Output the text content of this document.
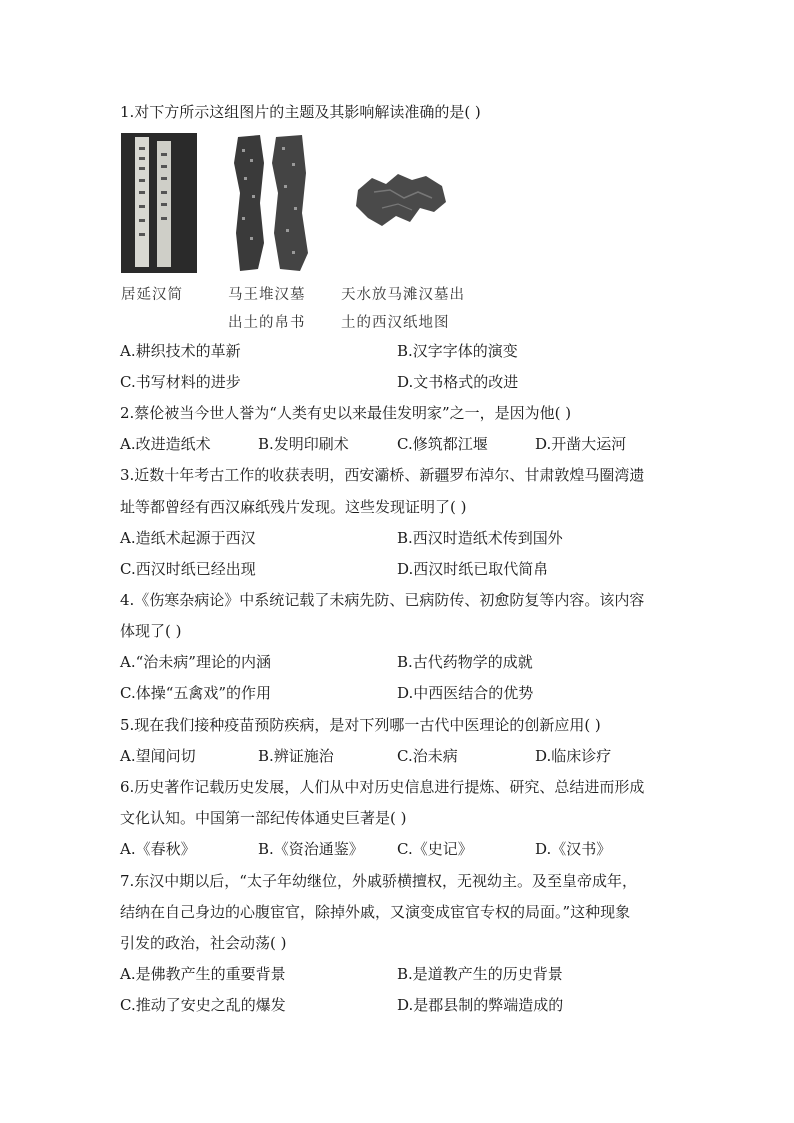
1.对下方所示这组图片的主题及其影响解读准确的是( )
居延汉简	马王堆汉墓
出土的帛书
天水放马滩汉墓出
土的西汉纸地图
A.耕织技术的革新	B.汉字字体的演变
C.书写材料的进步	D.文书格式的改进
2.蔡伦被当今世人誉为“人类有史以来最佳发明家”之一，是因为他( )
A.改进造纸术	B.发明印刷术	C.修筑都江堰	D.开凿大运河
3.近数十年考古工作的收获表明，西安灞桥、新疆罗布淖尔、甘肃敦煌马圈湾遗
址等都曾经有西汉麻纸残片发现。这些发现证明了( )
A.造纸术起源于西汉	B.西汉时造纸术传到国外
C.西汉时纸已经出现	D.西汉时纸已取代简帛
4.《伤寒杂病论》中系统记载了未病先防、已病防传、初愈防复等内容。该内容
体现了( )
A.“治未病”理论的内涵	B.古代药物学的成就
C.体操“五禽戏”的作用	D.中西医结合的优势
5.现在我们接种疫苗预防疾病，是对下列哪一古代中医理论的创新应用( )
A.望闻问切	B.辨证施治	C.治未病	D.临床诊疗
6.历史著作记载历史发展，人们从中对历史信息进行提炼、研究、总结进而形成
文化认知。中国第一部纪传体通史巨著是( )
A.《春秋》	B.《资治通鉴》 C.《史记》	D.《汉书》
7.东汉中期以后，“太子年幼继位，外戚骄横擅权，无视幼主。及至皇帝成年，
结纳在自己身边的心腹宦官，除掉外戚，又演变成宦官专权的局面。”这种现象
引发的政治，社会动荡( )
A.是佛教产生的重要背景	B.是道教产生的历史背景
C.推动了安史之乱的爆发	D.是郡县制的弊端造成的
